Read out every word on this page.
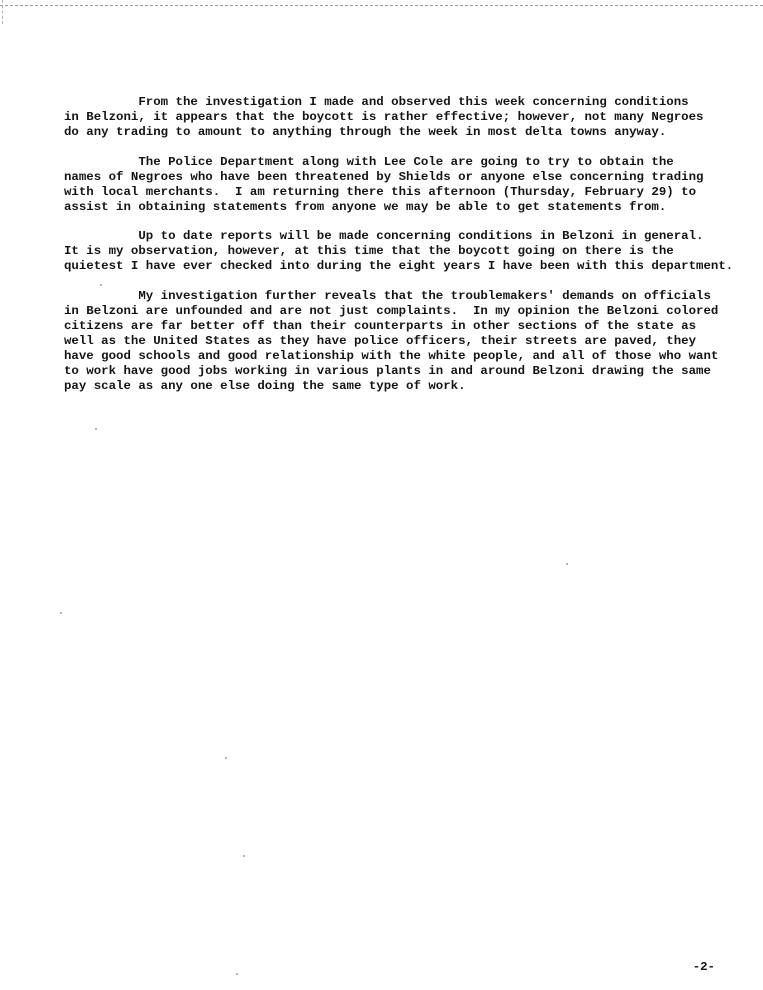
From the investigation I made and observed this week concerning conditions
in Belzoni, it appears that the boycott is rather effective; however, not many Negroes
do any trading to amount to anything through the week in most delta towns anyway.
The Police Department along with Lee Cole are going to try to obtain the
names of Negroes who have been threatened by Shields or anyone else concerning trading
with local merchants.  I am returning there this afternoon (Thursday, February 29) to
assist in obtaining statements from anyone we may be able to get statements from.
Up to date reports will be made concerning conditions in Belzoni in general.
It is my observation, however, at this time that the boycott going on there is the
quietest I have ever checked into during the eight years I have been with this department.
My investigation further reveals that the troublemakers' demands on officials
in Belzoni are unfounded and are not just complaints.  In my opinion the Belzoni colored
citizens are far better off than their counterparts in other sections of the state as
well as the United States as they have police officers, their streets are paved, they
have good schools and good relationship with the white people, and all of those who want
to work have good jobs working in various plants in and around Belzoni drawing the same
pay scale as any one else doing the same type of work.
-2-
